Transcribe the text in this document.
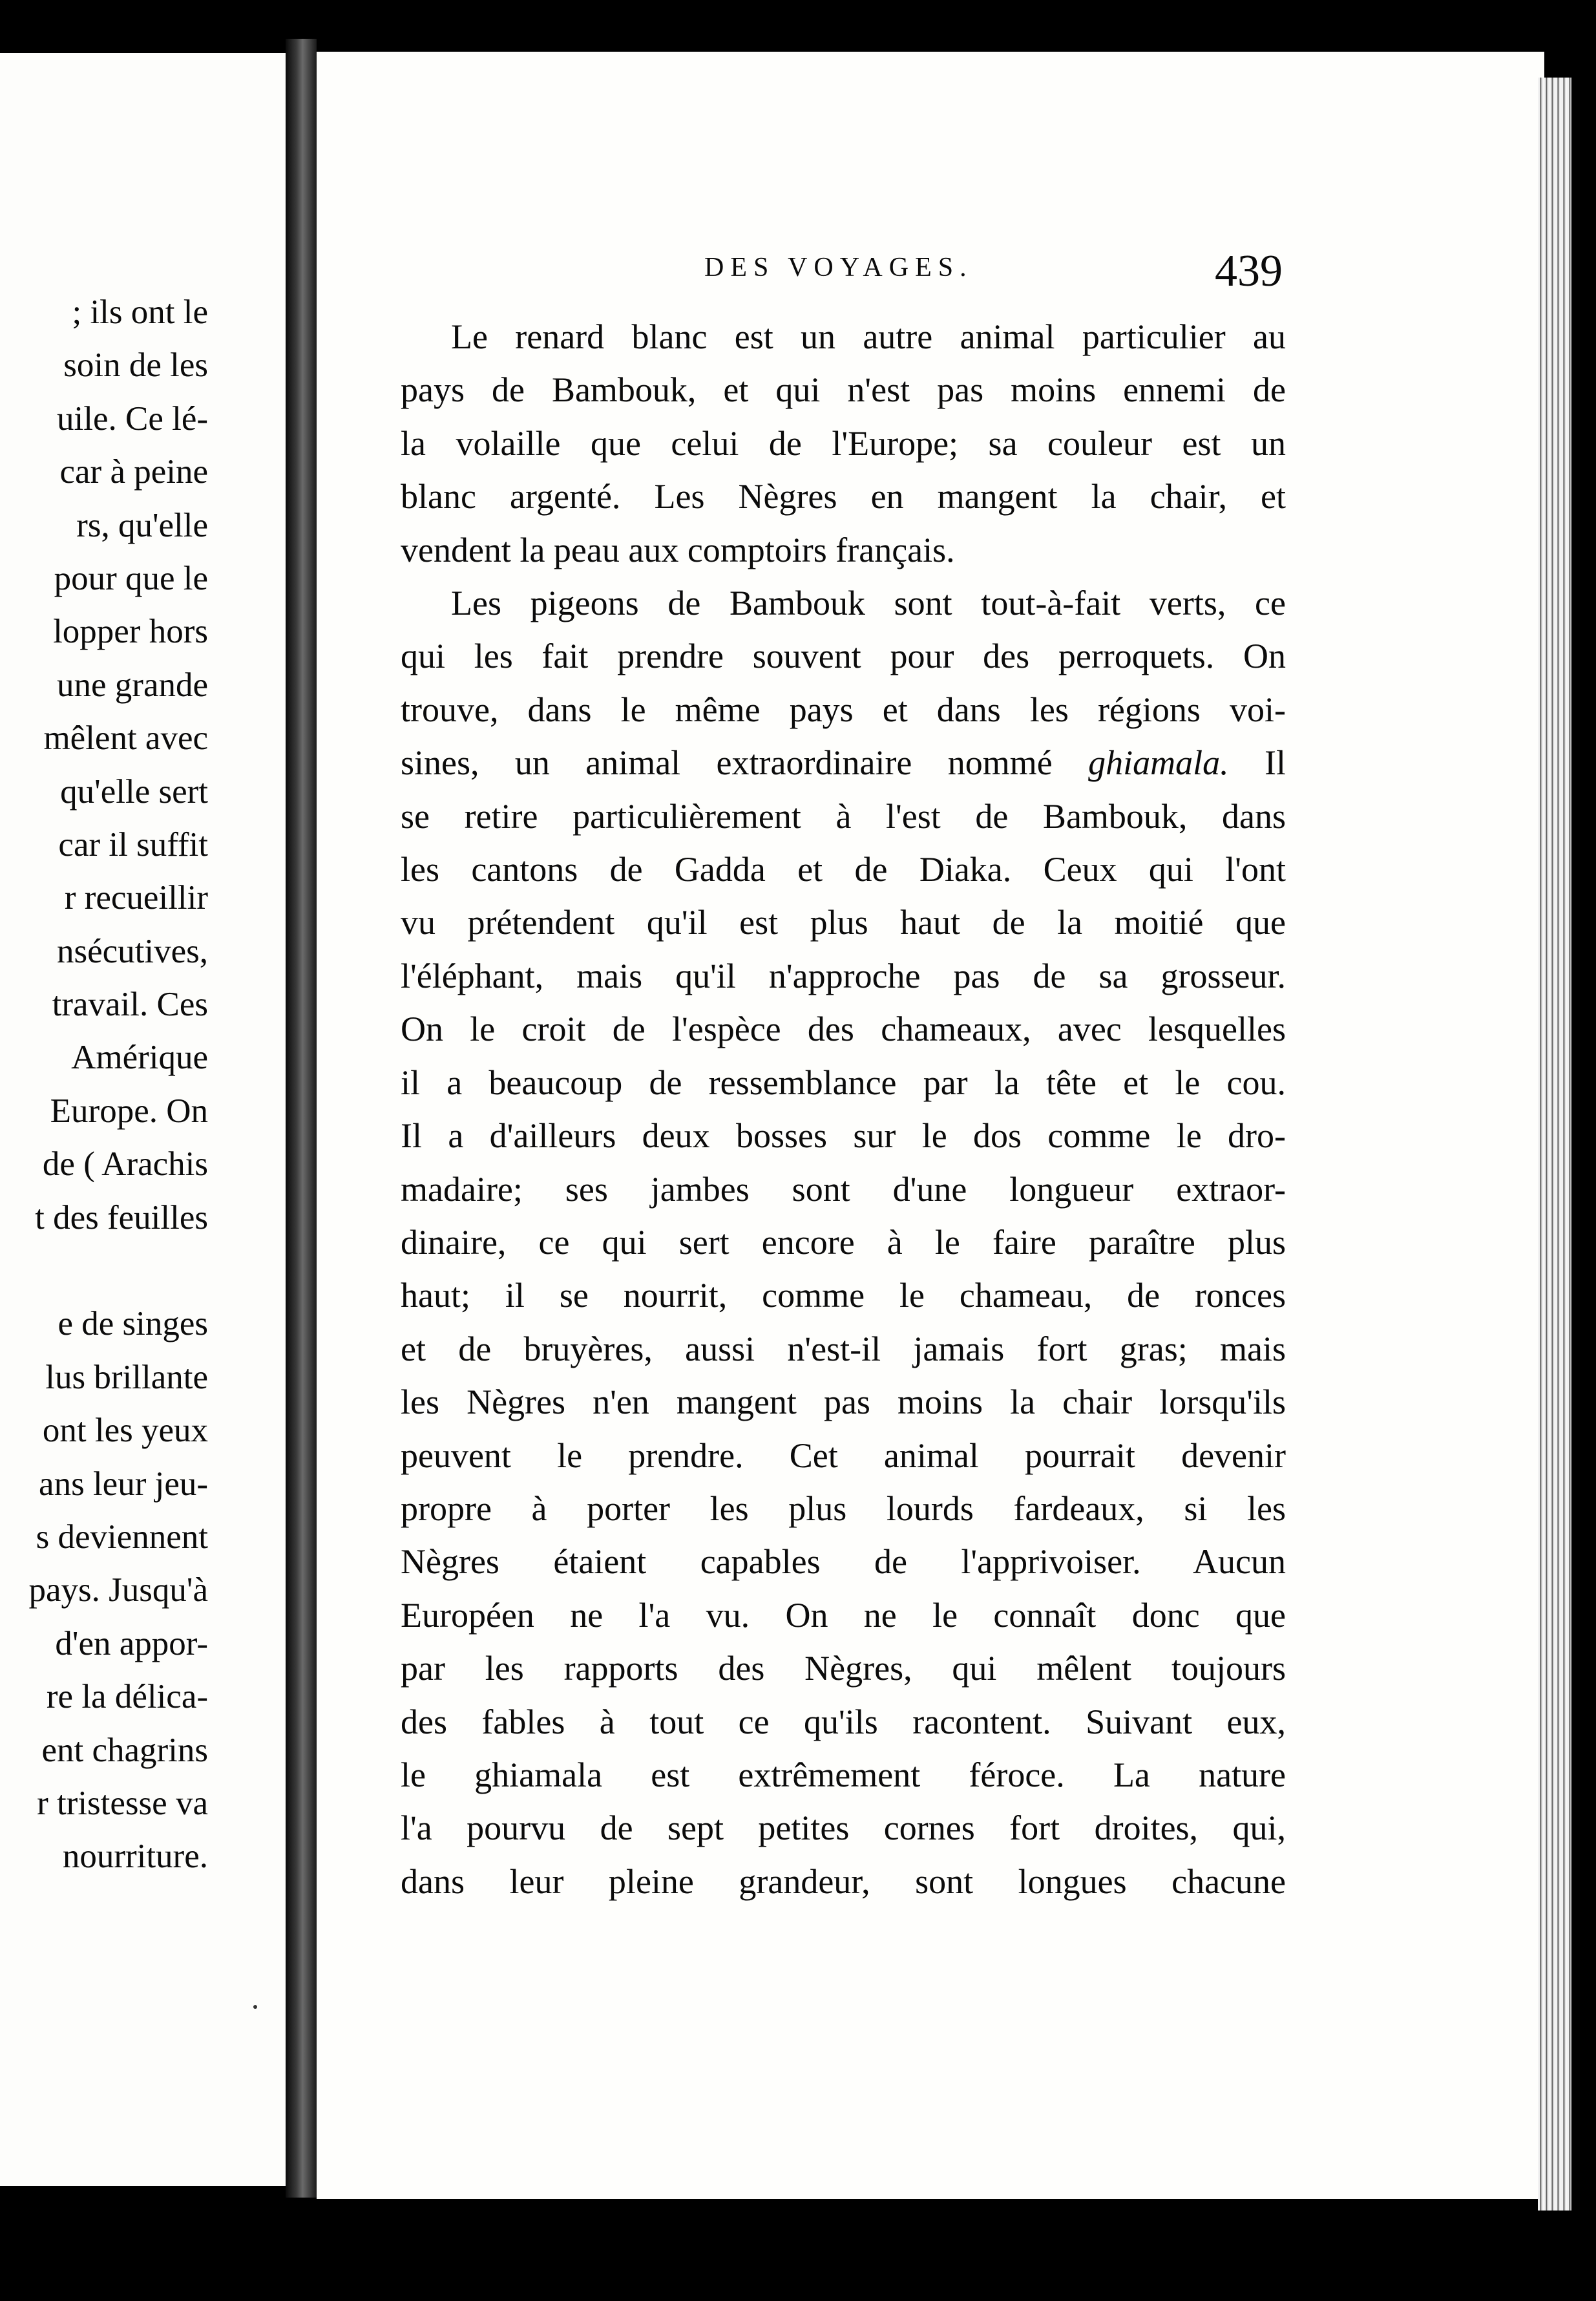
; ils ont le
soin de les
uile. Ce lé-
car à peine
rs, qu'elle
pour que le
lopper hors
une grande
mêlent avec
qu'elle sert
car il suffit
r recueillir
nsécutives,
travail. Ces
Amérique
Europe. On
de ( Arachis
t des feuilles
e de singes
lus brillante
ont les yeux
ans leur jeu-
s deviennent
pays. Jusqu'à
d'en appor-
re la délica-
ent chagrins
r tristesse va
nourriture.
DES VOYAGES.	439
Le renard blanc est un autre animal particulier au
pays de Bambouk, et qui n'est pas moins ennemi de
la volaille que celui de l'Europe; sa couleur est un
blanc argenté. Les Nègres en mangent la chair, et
vendent la peau aux comptoirs français.
Les pigeons de Bambouk sont tout-à-fait verts, ce
qui les fait prendre souvent pour des perroquets. On
trouve, dans le même pays et dans les régions voi-
sines, un animal extraordinaire nommé ghiamala. Il
se retire particulièrement à l'est de Bambouk, dans
les cantons de Gadda et de Diaka. Ceux qui l'ont
vu prétendent qu'il est plus haut de la moitié que
l'éléphant, mais qu'il n'approche pas de sa grosseur.
On le croit de l'espèce des chameaux, avec lesquelles
il a beaucoup de ressemblance par la tête et le cou.
Il a d'ailleurs deux bosses sur le dos comme le dro-
madaire; ses jambes sont d'une longueur extraor-
dinaire, ce qui sert encore à le faire paraître plus
haut; il se nourrit, comme le chameau, de ronces
et de bruyères, aussi n'est-il jamais fort gras; mais
les Nègres n'en mangent pas moins la chair lorsqu'ils
peuvent le prendre. Cet animal pourrait devenir
propre à porter les plus lourds fardeaux, si les
Nègres étaient capables de l'apprivoiser. Aucun
Européen ne l'a vu. On ne le connaît donc que
par les rapports des Nègres, qui mêlent toujours
des fables à tout ce qu'ils racontent. Suivant eux,
le ghiamala est extrêmement féroce. La nature
l'a pourvu de sept petites cornes fort droites, qui,
dans leur pleine grandeur, sont longues chacune
